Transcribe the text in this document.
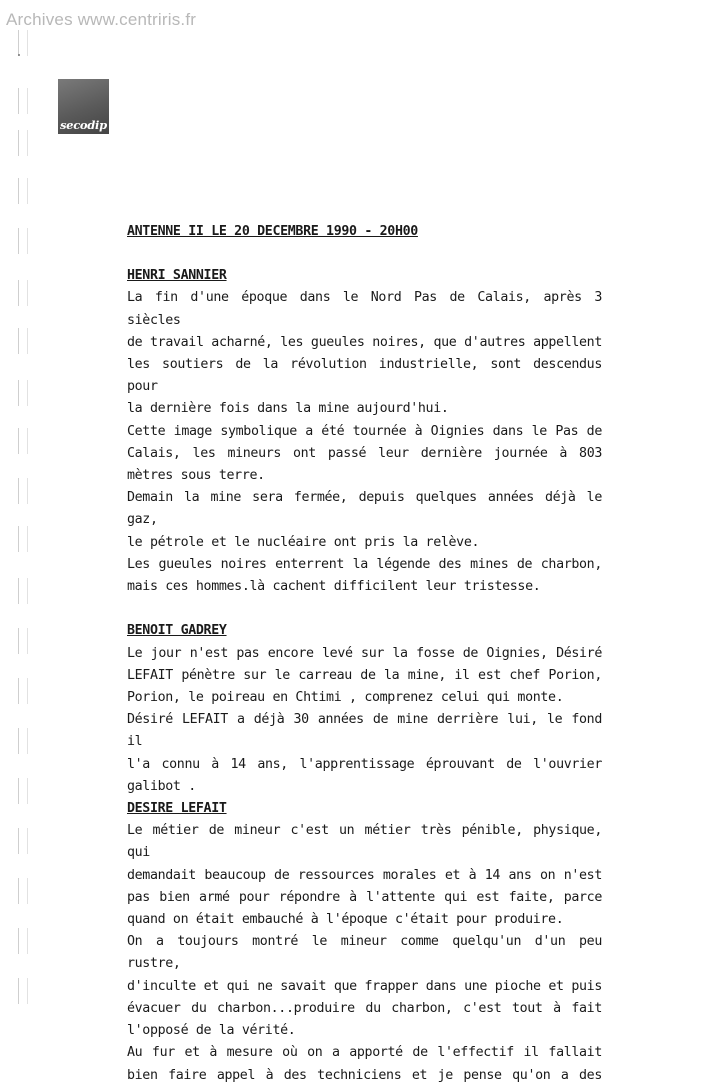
Archives www.centriris.fr
secodip

ANTENNE II LE 20 DECEMBRE 1990 - 20H00

HENRI SANNIER

La fin d'une époque dans le Nord Pas de Calais, après 3 siècles

de travail acharné, les gueules noires, que d'autres appellent

les soutiers de la révolution industrielle, sont descendus pour

la dernière fois dans la mine aujourd'hui.

Cette image symbolique a été tournée à Oignies dans le Pas de

Calais, les mineurs ont passé leur dernière journée à 803

mètres sous terre.

Demain la mine sera fermée, depuis quelques années déjà le gaz,

le pétrole et le nucléaire ont pris la relève.

Les gueules noires enterrent la légende des mines de charbon,

mais ces hommes.là cachent difficilent leur tristesse.

BENOIT GADREY

Le jour n'est pas encore levé sur la fosse de Oignies, Désiré

LEFAIT pénètre sur le carreau de la mine, il est chef Porion,

Porion, le poireau en Chtimi , comprenez celui qui monte.

Désiré LEFAIT a déjà 30 années de mine derrière lui, le fond il

l'a connu à 14 ans, l'apprentissage éprouvant de l'ouvrier

galibot .

DESIRE LEFAIT

Le métier de mineur c'est un métier très pénible, physique, qui

demandait beaucoup de ressources morales et à 14 ans on n'est

pas bien armé pour répondre à l'attente qui est faite, parce

quand on était embauché à l'époque c'était pour produire.

On a toujours montré le mineur comme quelqu'un d'un peu rustre,

d'inculte et qui ne savait que frapper dans une pioche et puis

évacuer du charbon...produire du charbon, c'est tout à fait

l'opposé de la vérité.

Au fur et à mesure où on a apporté de l'effectif il fallait

bien faire appel à des techniciens et je pense qu'on a des
